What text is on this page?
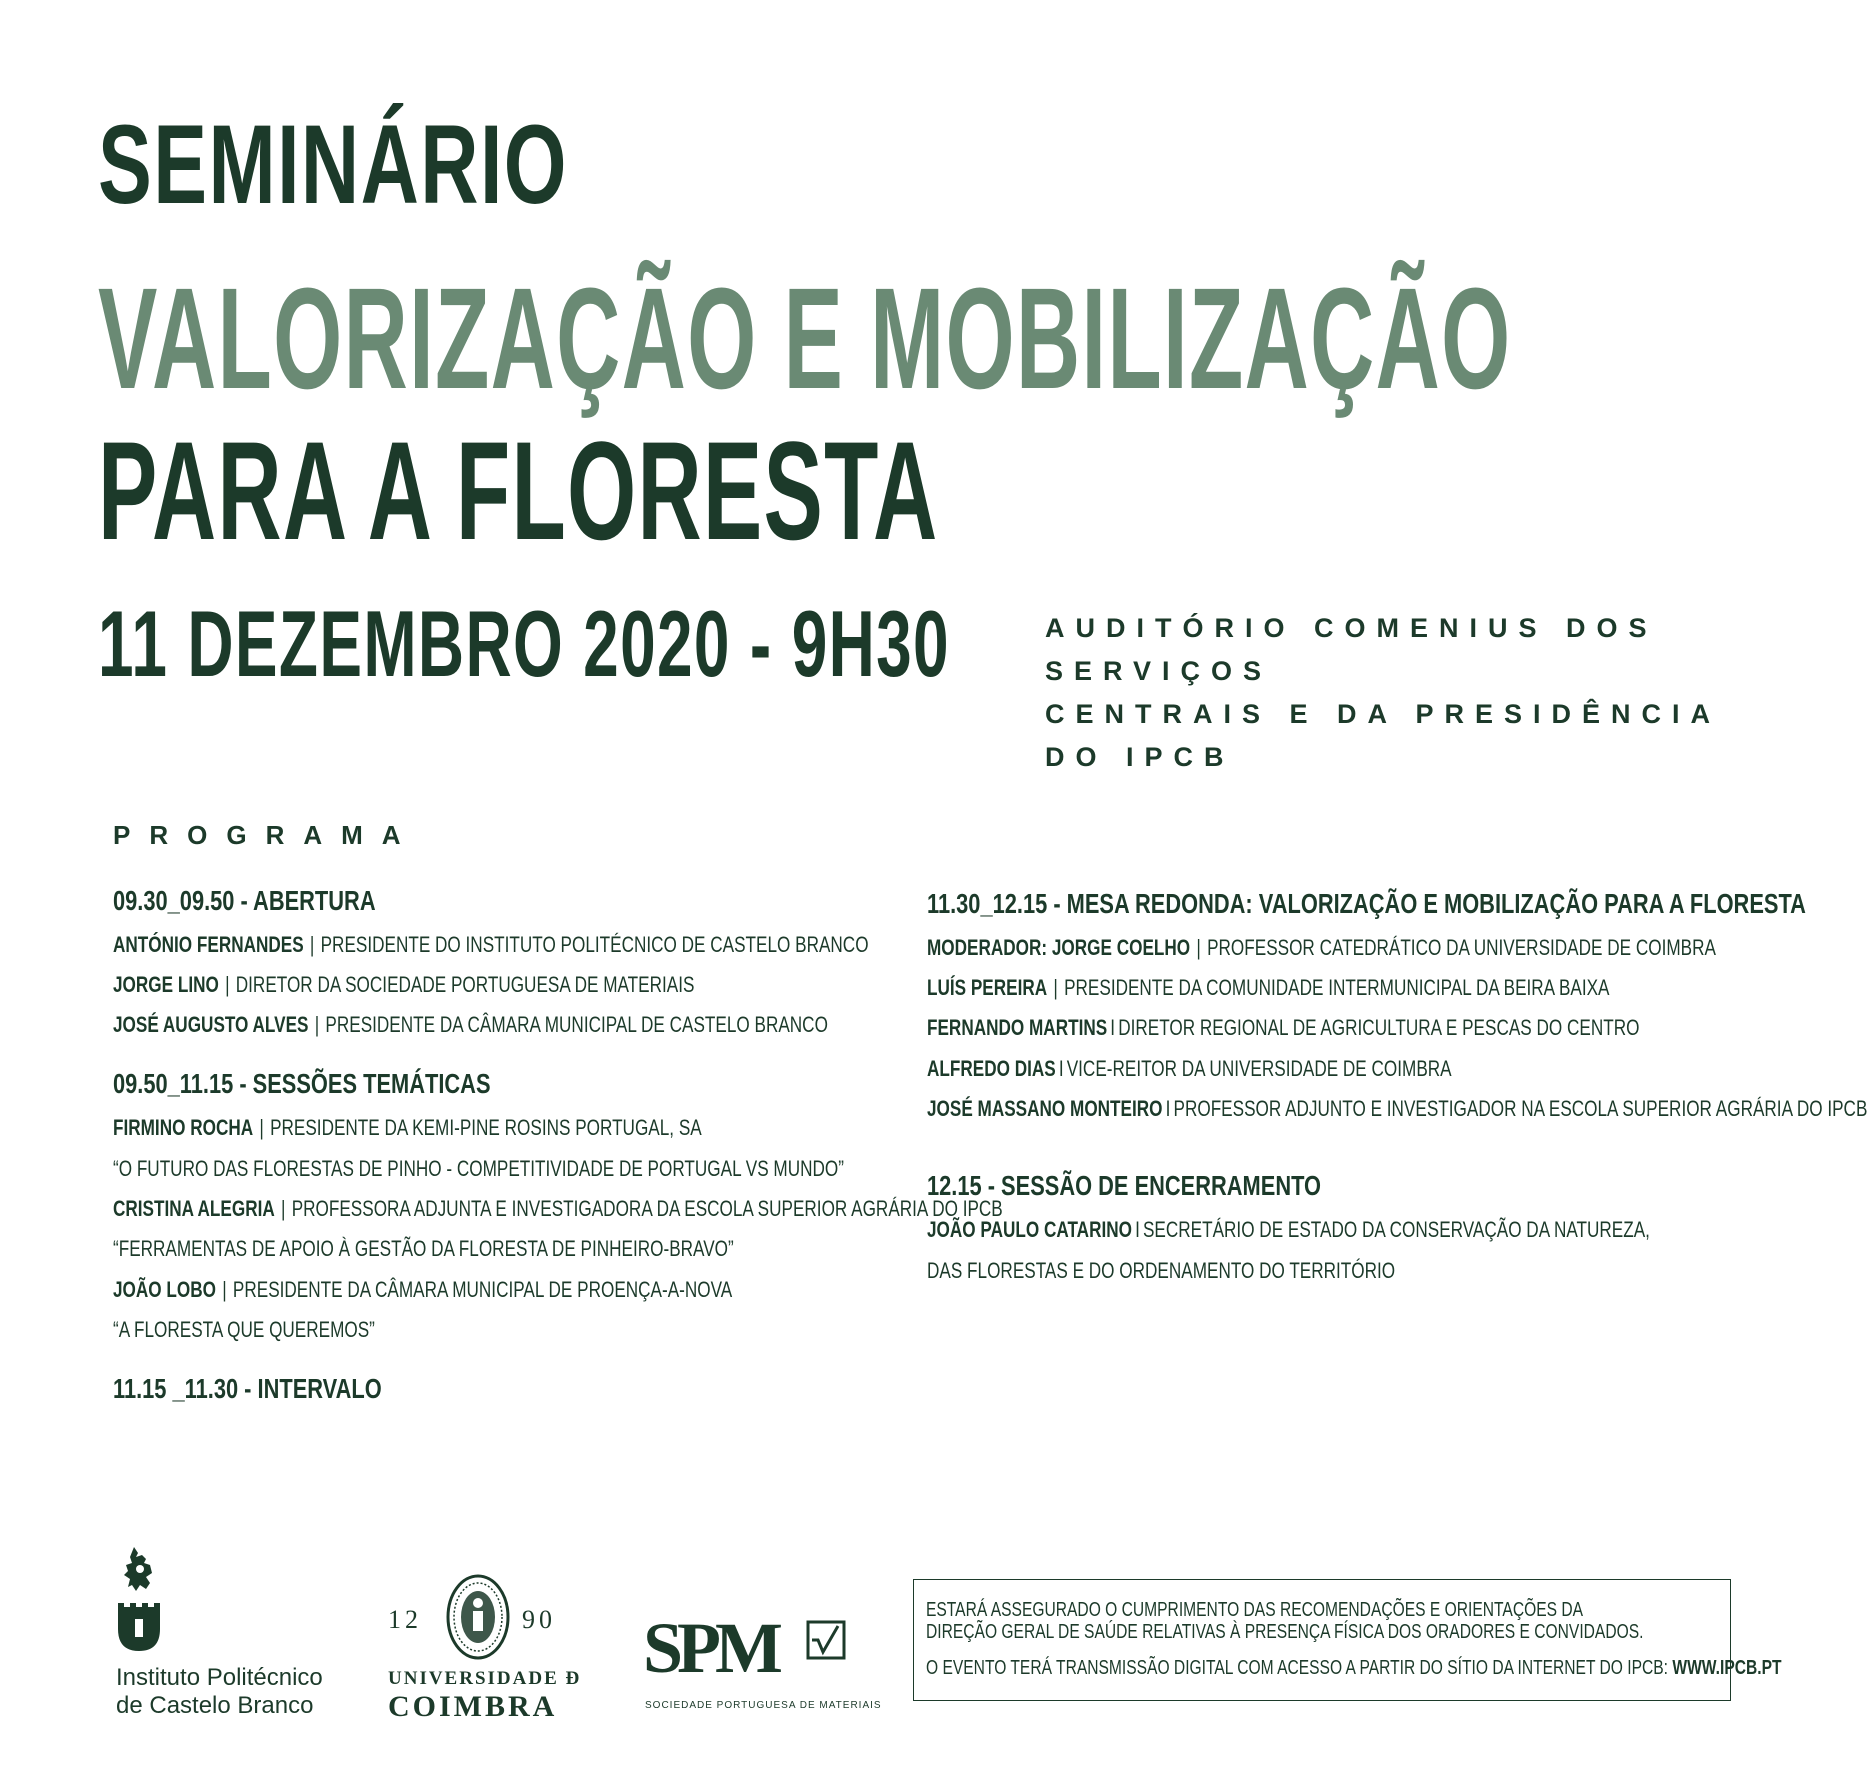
SEMINÁRIO
VALORIZAÇÃO E MOBILIZAÇÃO
PARA A FLORESTA
11 DEZEMBRO 2020 - 9H30	AUDITÓRIO COMENIUS DOS SERVIÇOS
CENTRAIS E DA PRESIDÊNCIA DO IPCB
PROGRAMA
09.30_09.50 - ABERTURA
ANTÓNIO FERNANDES | PRESIDENTE DO INSTITUTO POLITÉCNICO DE CASTELO BRANCO
JORGE LINO | DIRETOR DA SOCIEDADE PORTUGUESA DE MATERIAIS
JOSÉ AUGUSTO ALVES | PRESIDENTE DA CÂMARA MUNICIPAL DE CASTELO BRANCO
09.50_11.15 - SESSÕES TEMÁTICAS
FIRMINO ROCHA | PRESIDENTE DA KEMI-PINE ROSINS PORTUGAL, SA
“O FUTURO DAS FLORESTAS DE PINHO - COMPETITIVIDADE DE PORTUGAL VS MUNDO”
CRISTINA ALEGRIA | PROFESSORA ADJUNTA E INVESTIGADORA DA ESCOLA SUPERIOR AGRÁRIA DO IPCB
“FERRAMENTAS DE APOIO À GESTÃO DA FLORESTA DE PINHEIRO-BRAVO”
JOÃO LOBO | PRESIDENTE DA CÂMARA MUNICIPAL DE PROENÇA-A-NOVA
“A FLORESTA QUE QUEREMOS”
11.15 _11.30 - INTERVALO
11.30_12.15 - MESA REDONDA: VALORIZAÇÃO E MOBILIZAÇÃO PARA A FLORESTA
MODERADOR: JORGE COELHO | PROFESSOR CATEDRÁTICO DA UNIVERSIDADE DE COIMBRA
LUÍS PEREIRA | PRESIDENTE DA COMUNIDADE INTERMUNICIPAL DA BEIRA BAIXA
FERNANDO MARTINS I DIRETOR REGIONAL DE AGRICULTURA E PESCAS DO CENTRO
ALFREDO DIAS I VICE-REITOR DA UNIVERSIDADE DE COIMBRA
JOSÉ MASSANO MONTEIRO I PROFESSOR ADJUNTO E INVESTIGADOR NA ESCOLA SUPERIOR AGRÁRIA DO IPCB
12.15 - SESSÃO DE ENCERRAMENTO
JOÃO PAULO CATARINO I SECRETÁRIO DE ESTADO DA CONSERVAÇÃO DA NATUREZA,
DAS FLORESTAS E DO ORDENAMENTO DO TERRITÓRIO
Instituto Politécnico
de Castelo Branco
12	90
UNIVERSIDADE Đ
COIMBRA
SPM
SOCIEDADE PORTUGUESA DE MATERIAIS
ESTARÁ ASSEGURADO O CUMPRIMENTO DAS RECOMENDAÇÕES E ORIENTAÇÕES DA
DIREÇÃO GERAL DE SAÚDE RELATIVAS À PRESENÇA FÍSICA DOS ORADORES E CONVIDADOS.
O EVENTO TERÁ TRANSMISSÃO DIGITAL COM ACESSO A PARTIR DO SÍTIO DA INTERNET DO IPCB: WWW.IPCB.PT
